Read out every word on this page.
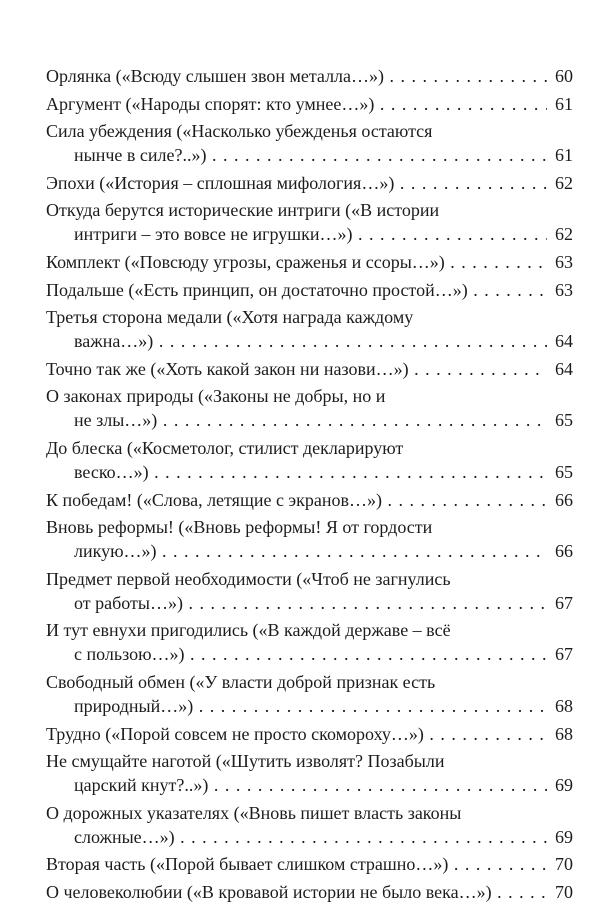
Орлянка («Всюду слышен звон металла…») . . .	60
Аргумент («Народы спорят: кто умнее…») . . .	61
Сила убеждения («Насколько убежденья остаются
нынче в силе?..») . . .	61
Эпохи («История – сплошная мифология…») . . .	62
Откуда берутся исторические интриги («В истории
интриги – это вовсе не игрушки…») . . .	62
Комплект («Повсюду угрозы, сраженья и ссоры…») . . .	63
Подальше («Есть принцип, он достаточно простой…») . . .	63
Третья сторона медали («Хотя награда каждому
важна…») . . .	64
Точно так же («Хоть какой закон ни назови…») . . .	64
О законах природы («Законы не добры, но и
не злы…») . . .	65
До блеска («Косметолог, стилист декларируют
веско…») . . .	65
К победам! («Слова, летящие с экранов…») . . .	66
Вновь реформы! («Вновь реформы! Я от гордости
ликую…») . . .	66
Предмет первой необходимости («Чтоб не загнулись
от работы…») . . .	67
И тут евнухи пригодились («В каждой державе – всё
с пользою…») . . .	67
Свободный обмен («У власти доброй признак есть
природный…») . . .	68
Трудно («Порой совсем не просто скомороху…») . . .	68
Не смущайте наготой («Шутить изволят? Позабыли
царский кнут?..») . . .	69
О дорожных указателях («Вновь пишет власть законы
сложные…») . . .	69
Вторая часть («Порой бывает слишком страшно…») . . .	70
О человеколюбии («В кровавой истории не было века…») . . .	70
